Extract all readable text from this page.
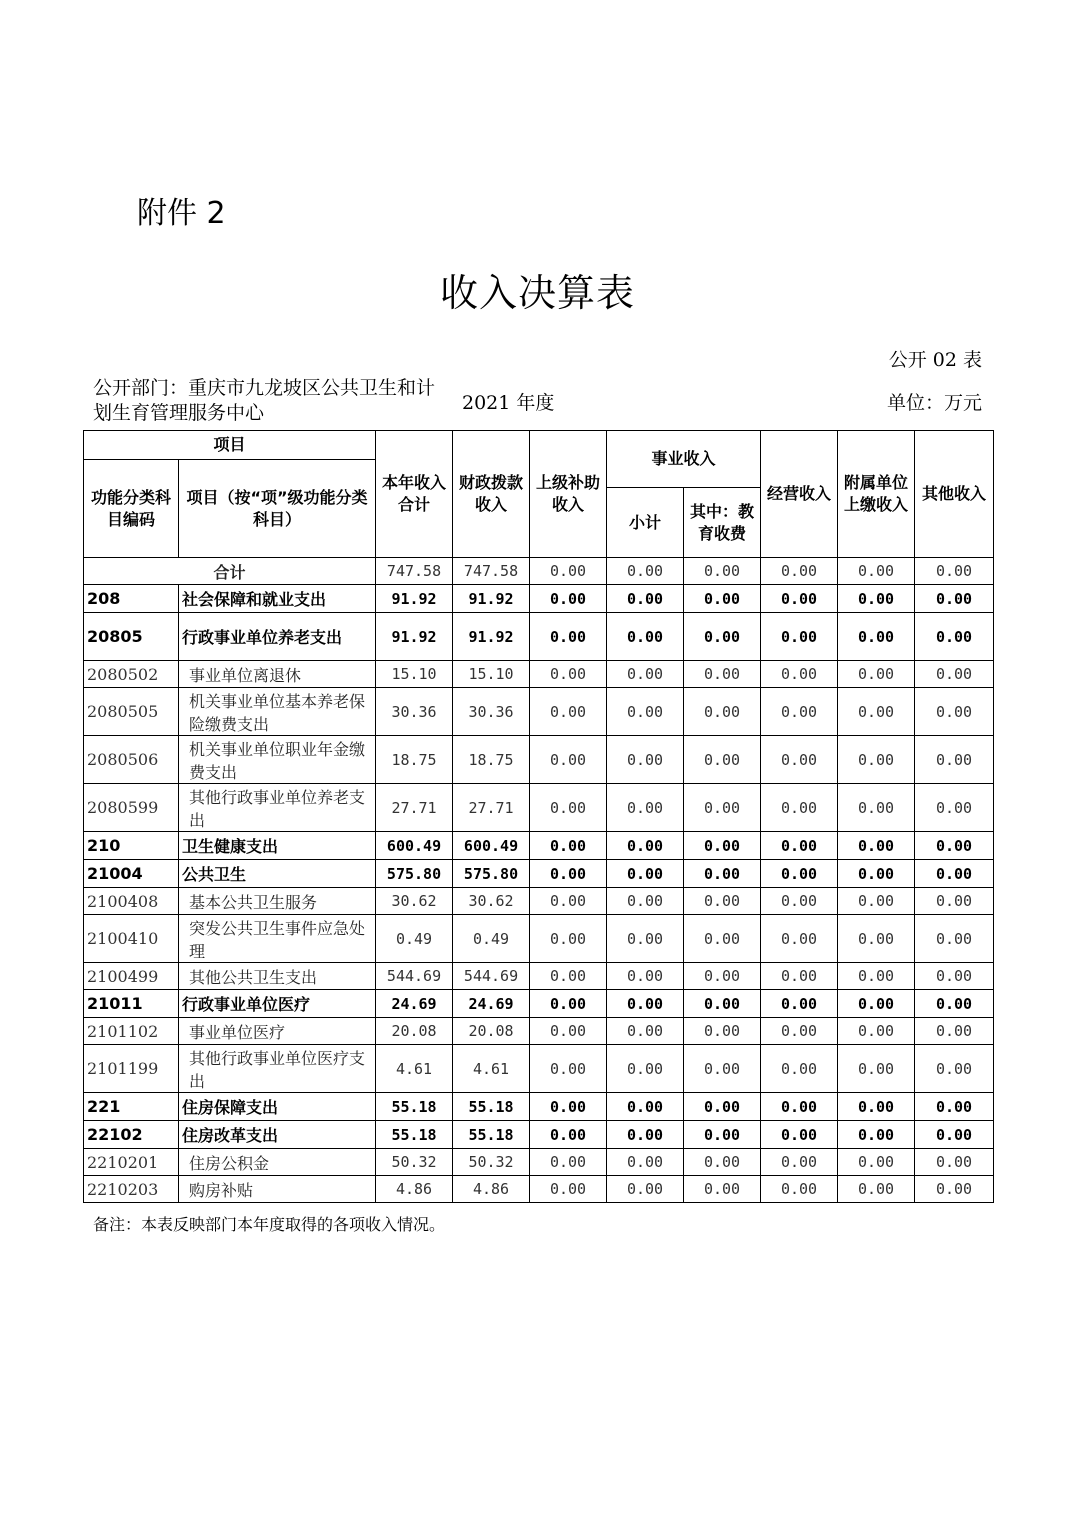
附件 2
收入决算表
公开 02 表
公开部门：重庆市九龙坡区公共卫生和计划生育管理服务中心	2021 年度	单位：万元
项目		本年收入合计	财政拨款收入	上级补助收入	事业收入		经营收入	附属单位上缴收入	其他收入
功能分类科目编码	项目（按“项”级功能分类科目）								
					小计	其中：教育收费			
合计		747.58	747.58	0.00	0.00	0.00	0.00	0.00	0.00
208	社会保障和就业支出	91.92	91.92	0.00	0.00	0.00	0.00	0.00	0.00
20805	行政事业单位养老支出	91.92	91.92	0.00	0.00	0.00	0.00	0.00	0.00
2080502	事业单位离退休	15.10	15.10	0.00	0.00	0.00	0.00	0.00	0.00
2080505	机关事业单位基本养老保险缴费支出	30.36	30.36	0.00	0.00	0.00	0.00	0.00	0.00
2080506	机关事业单位职业年金缴费支出	18.75	18.75	0.00	0.00	0.00	0.00	0.00	0.00
2080599	其他行政事业单位养老支出	27.71	27.71	0.00	0.00	0.00	0.00	0.00	0.00
210	卫生健康支出	600.49	600.49	0.00	0.00	0.00	0.00	0.00	0.00
21004	公共卫生	575.80	575.80	0.00	0.00	0.00	0.00	0.00	0.00
2100408	基本公共卫生服务	30.62	30.62	0.00	0.00	0.00	0.00	0.00	0.00
2100410	突发公共卫生事件应急处理	0.49	0.49	0.00	0.00	0.00	0.00	0.00	0.00
2100499	其他公共卫生支出	544.69	544.69	0.00	0.00	0.00	0.00	0.00	0.00
21011	行政事业单位医疗	24.69	24.69	0.00	0.00	0.00	0.00	0.00	0.00
2101102	事业单位医疗	20.08	20.08	0.00	0.00	0.00	0.00	0.00	0.00
2101199	其他行政事业单位医疗支出	4.61	4.61	0.00	0.00	0.00	0.00	0.00	0.00
221	住房保障支出	55.18	55.18	0.00	0.00	0.00	0.00	0.00	0.00
22102	住房改革支出	55.18	55.18	0.00	0.00	0.00	0.00	0.00	0.00
2210201	住房公积金	50.32	50.32	0.00	0.00	0.00	0.00	0.00	0.00
2210203	购房补贴	4.86	4.86	0.00	0.00	0.00	0.00	0.00	0.00
备注：本表反映部门本年度取得的各项收入情况。
